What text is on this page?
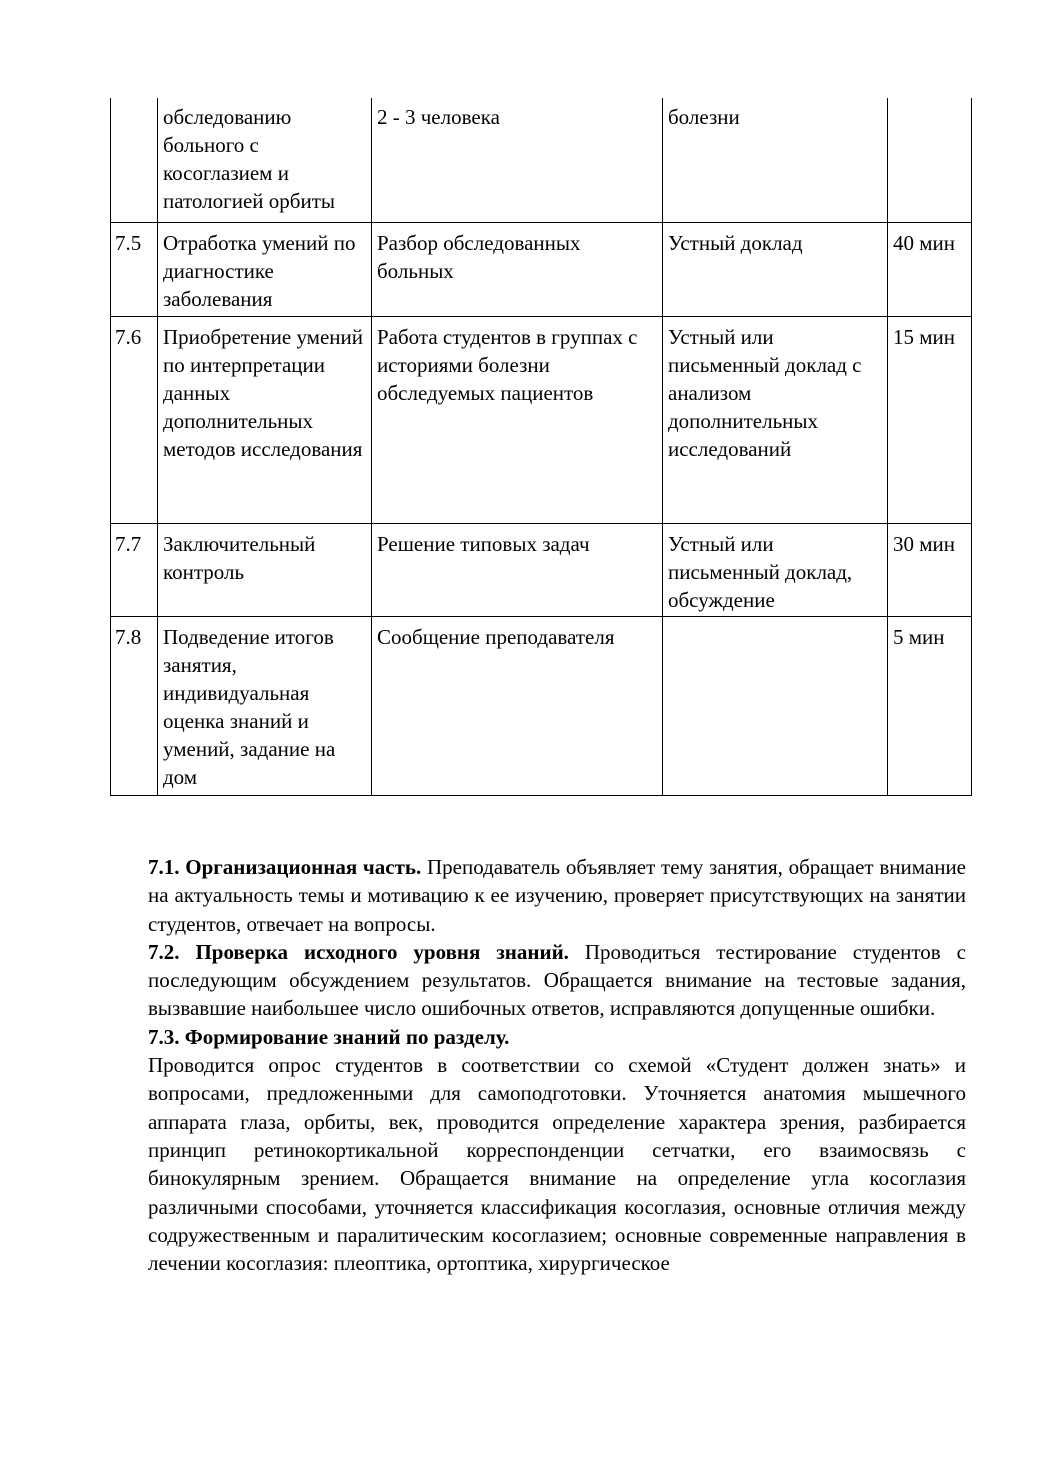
	обследованию больного с косоглазием и патологией орбиты	2 - 3 человека	болезни	
7.5	Отработка умений по диагностике заболевания	Разбор обследованных больных	Устный доклад	40 мин
7.6	Приобретение умений по интерпретации данных дополнительных методов исследования	Работа студентов в группах с историями болезни обследуемых пациентов	Устный или письменный доклад с анализом дополнительных исследований	15 мин
7.7	Заключительный контроль	Решение типовых задач	Устный или письменный доклад, обсуждение	30 мин
7.8	Подведение итогов занятия, индивидуальная оценка знаний и умений, задание на дом	Сообщение преподавателя		5 мин

7.1. Организационная часть. Преподаватель объявляет тему занятия, обращает внимание на актуальность темы и мотивацию к ее изучению, проверяет присутствующих на занятии студентов, отвечает на вопросы.

7.2. Проверка исходного уровня знаний. Проводиться тестирование студентов с последующим обсуждением результатов. Обращается внимание на тестовые задания, вызвавшие наибольшее число ошибочных ответов, исправляются допущенные ошибки.

7.3. Формирование знаний по разделу.

Проводится опрос студентов в соответствии со схемой «Студент должен знать» и вопросами, предложенными для самоподготовки. Уточняется анатомия мышечного аппарата глаза, орбиты, век, проводится определение характера зрения, разбирается принцип ретинокортикальной корреспонденции сетчатки, его взаимосвязь с бинокулярным зрением. Обращается внимание на определение угла косоглазия различными способами, уточняется классификация косоглазия, основные отличия между содружественным и паралитическим косоглазием; основные современные направления в лечении косоглазия: плеоптика, ортоптика, хирургическое
